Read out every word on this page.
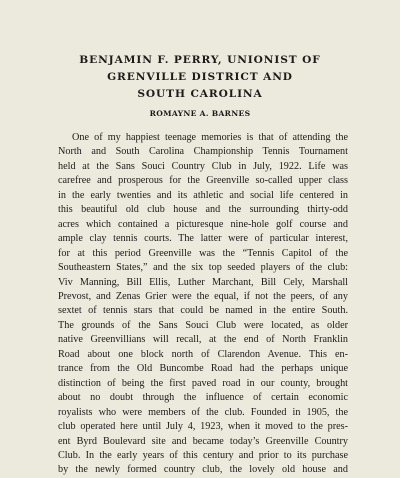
BENJAMIN F. PERRY, UNIONIST OF
GRENVILLE DISTRICT AND
SOUTH CAROLINA

ROMAYNE A. BARNES

One of my happiest teenage memories is that of attending the
North and South Carolina Championship Tennis Tournament
held at the Sans Souci Country Club in July, 1922. Life was
carefree and prosperous for the Greenville so-called upper class
in the early twenties and its athletic and social life centered in
this beautiful old club house and the surrounding thirty-odd
acres which contained a picturesque nine-hole golf course and
ample clay tennis courts. The latter were of particular interest,
for at this period Greenville was the “Tennis Capitol of the
Southeastern States,” and the six top seeded players of the club:
Viv Manning, Bill Ellis, Luther Marchant, Bill Cely, Marshall
Prevost, and Zenas Grier were the equal, if not the peers, of any
sextet of tennis stars that could be named in the entire South.
The grounds of the Sans Souci Club were located, as older
native Greenvillians will recall, at the end of North Franklin
Road about one block north of Clarendon Avenue. This en-
trance from the Old Buncombe Road had the perhaps unique
distinction of being the first paved road in our county, brought
about no doubt through the influence of certain economic
royalists who were members of the club. Founded in 1905, the
club operated here until July 4, 1923, when it moved to the pres-
ent Byrd Boulevard site and became today’s Greenville Country
Club. In the early years of this century and prior to its purchase
by the newly formed country club, the lovely old house and
